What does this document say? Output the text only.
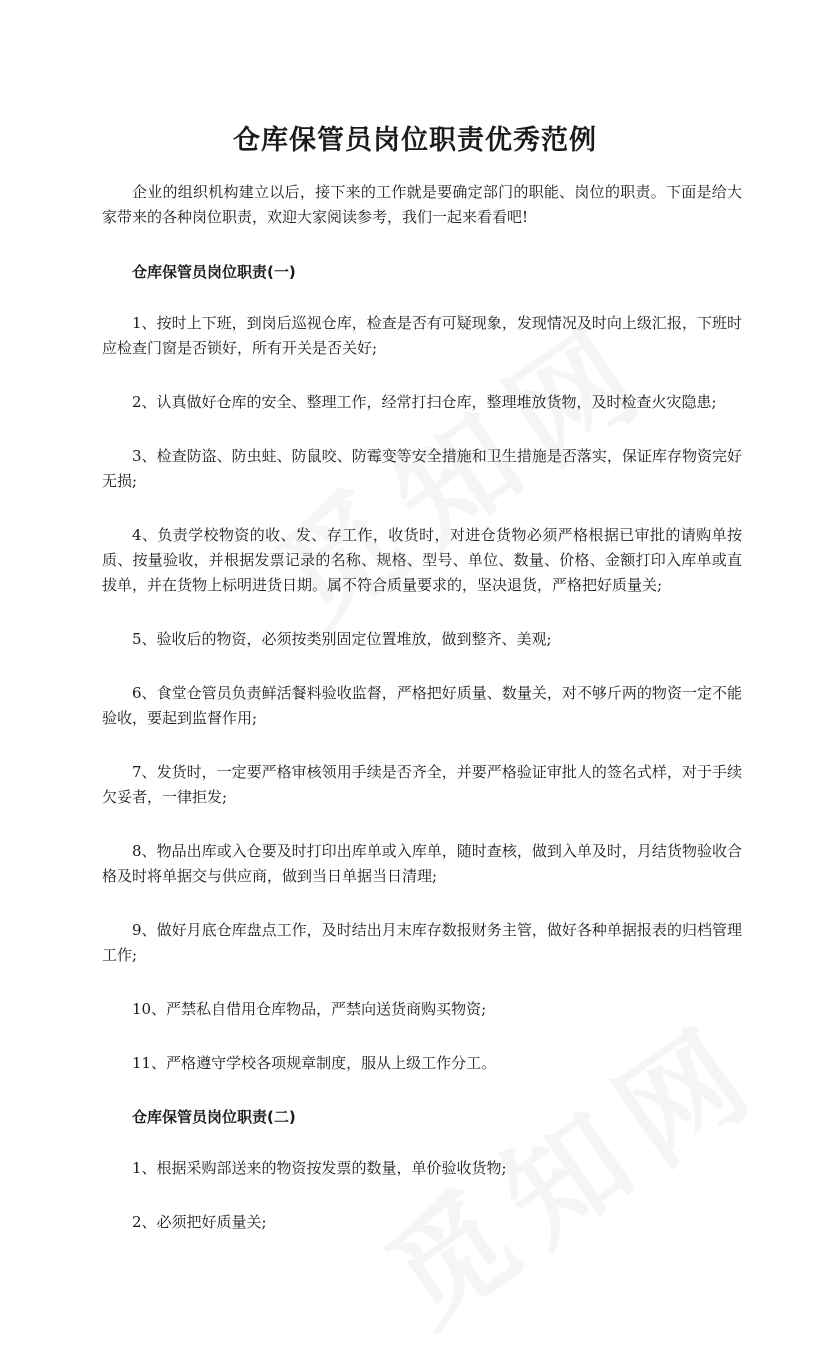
仓库保管员岗位职责优秀范例

企业的组织机构建立以后，接下来的工作就是要确定部门的职能、岗位的职责。下面是给大家带来的各种岗位职责，欢迎大家阅读参考，我们一起来看看吧!

仓库保管员岗位职责(一)

1、按时上下班，到岗后巡视仓库，检查是否有可疑现象，发现情况及时向上级汇报，下班时应检查门窗是否锁好，所有开关是否关好;

2、认真做好仓库的安全、整理工作，经常打扫仓库，整理堆放货物，及时检查火灾隐患;

3、检查防盗、防虫蛀、防鼠咬、防霉变等安全措施和卫生措施是否落实，保证库存物资完好无损;

4、负责学校物资的收、发、存工作，收货时，对进仓货物必须严格根据已审批的请购单按质、按量验收，并根据发票记录的名称、规格、型号、单位、数量、价格、金额打印入库单或直拔单，并在货物上标明进货日期。属不符合质量要求的，坚决退货，严格把好质量关;

5、验收后的物资，必须按类别固定位置堆放，做到整齐、美观;

6、食堂仓管员负责鲜活餐料验收监督，严格把好质量、数量关，对不够斤两的物资一定不能验收，要起到监督作用;

7、发货时，一定要严格审核领用手续是否齐全，并要严格验证审批人的签名式样，对于手续欠妥者，一律拒发;

8、物品出库或入仓要及时打印出库单或入库单，随时查核，做到入单及时，月结货物验收合格及时将单据交与供应商，做到当日单据当日清理;

9、做好月底仓库盘点工作，及时结出月末库存数报财务主管，做好各种单据报表的归档管理工作;

10、严禁私自借用仓库物品，严禁向送货商购买物资;

11、严格遵守学校各项规章制度，服从上级工作分工。

仓库保管员岗位职责(二)

1、根据采购部送来的物资按发票的数量，单价验收货物;

2、必须把好质量关;
